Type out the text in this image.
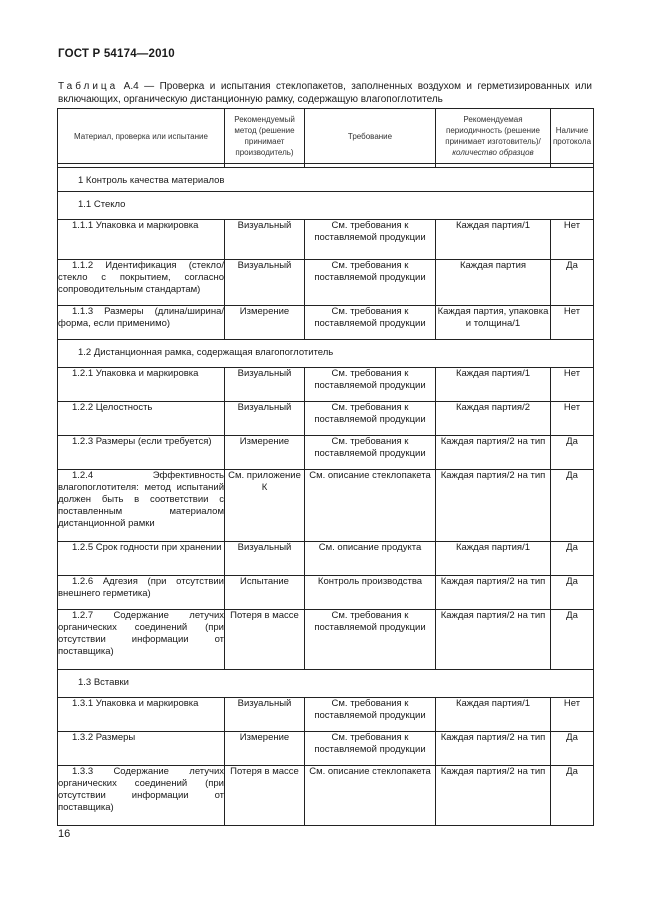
ГОСТ Р 54174—2010
Таблица А.4 — Проверка и испытания стеклопакетов, заполненных воздухом и герметизированных или включающих, органическую дистанционную рамку, содержащую влагопоглотитель
Материал, проверка или испытание	Рекомендуемый метод (решение принимает производитель)	Требование	Рекомендуемая периодичность (решение принимает изготовитель)/количество образцов	Наличие протокола

1 Контроль качества материалов				
1.1 Стекло				

1.1.1 Упаковка и маркировка	Визуальный	См. требования к поставляемой продукции	Каждая партия/1	Нет

1.1.2 Идентификация (стекло/стекло с покрытием, согласно сопроводительным стандартам)	Визуальный	См. требования к поставляемой продукции	Каждая партия	Да

1.1.3 Размеры (длина/ширина/форма, если применимо)	Измерение	См. требования к поставляемой продукции	Каждая партия, упаковка и толщина/1	Нет
1.2 Дистанционная рамка, содержащая влагопоглотитель				

1.2.1 Упаковка и маркировка	Визуальный	См. требования к поставляемой продукции	Каждая партия/1	Нет

1.2.2 Целостность	Визуальный	См. требования к поставляемой продукции	Каждая партия/2	Нет

1.2.3 Размеры (если требуется)	Измерение	См. требования к поставляемой продукции	Каждая партия/2 на тип	Да

1.2.4 Эффективность влагопоглотителя: метод испытаний должен быть в соответствии с поставленным материалом дистанционной рамки	См. приложение К	См. описание стеклопакета	Каждая партия/2 на тип	Да

1.2.5 Срок годности при хранении	Визуальный	См. описание продукта	Каждая партия/1	Да

1.2.6 Адгезия (при отсутствии внешнего герметика)	Испытание	Контроль производства	Каждая партия/2 на тип	Да

1.2.7 Содержание летучих органических соединений (при отсутствии информации от поставщика)	Потеря в массе	См. требования к поставляемой продукции	Каждая партия/2 на тип	Да
1.3 Вставки				

1.3.1 Упаковка и маркировка	Визуальный	См. требования к поставляемой продукции	Каждая партия/1	Нет

1.3.2 Размеры	Измерение	См. требования к поставляемой продукции	Каждая партия/2 на тип	Да

1.3.3 Содержание летучих органических соединений (при отсутствии информации от поставщика)	Потеря в массе	См. описание стеклопакета	Каждая партия/2 на тип	Да
16
